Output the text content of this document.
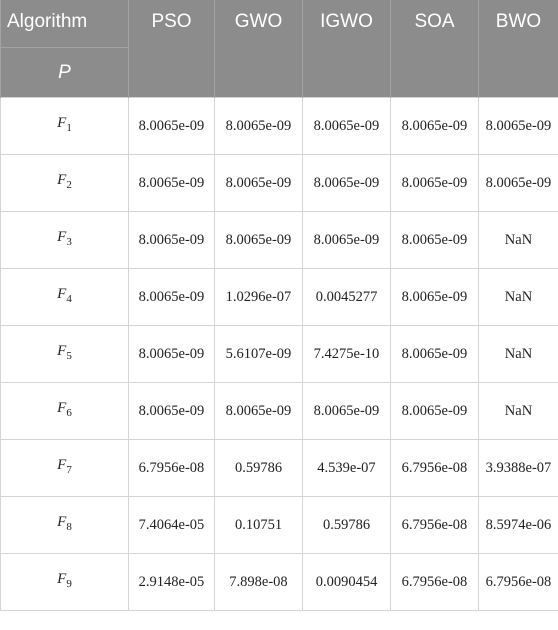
Algorithm	PSO	GWO	IGWO	SOA	BWO
P					
$F_1$	8.0065e-09	8.0065e-09	8.0065e-09	8.0065e-09	8.0065e-09
$F_2$	8.0065e-09	8.0065e-09	8.0065e-09	8.0065e-09	8.0065e-09
$F_3$	8.0065e-09	8.0065e-09	8.0065e-09	8.0065e-09	NaN
$F_4$	8.0065e-09	1.0296e-07	0.0045277	8.0065e-09	NaN
$F_5$	8.0065e-09	5.6107e-09	7.4275e-10	8.0065e-09	NaN
$F_6$	8.0065e-09	8.0065e-09	8.0065e-09	8.0065e-09	NaN
$F_7$	6.7956e-08	0.59786	4.539e-07	6.7956e-08	3.9388e-07
$F_8$	7.4064e-05	0.10751	0.59786	6.7956e-08	8.5974e-06
$F_9$	2.9148e-05	7.898e-08	0.0090454	6.7956e-08	6.7956e-08
